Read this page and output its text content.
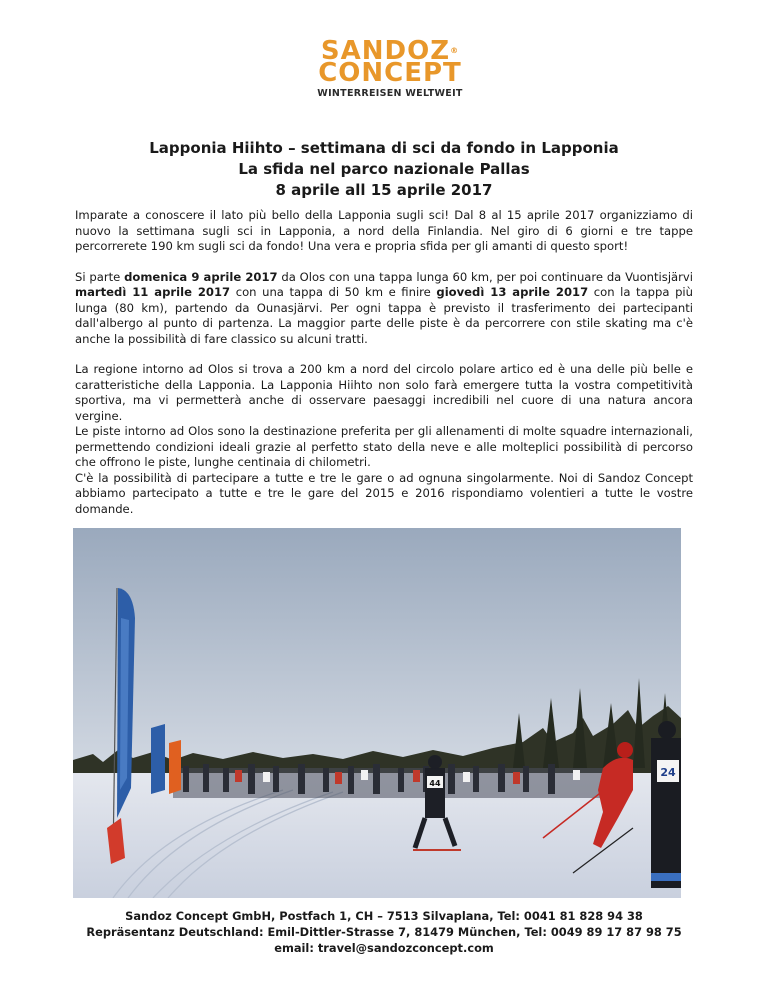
SANDOZ®
CONCEPT
WINTERREISEN WELTWEIT
Lapponia Hiihto – settimana di sci da fondo in Lapponia
La sfida nel parco nazionale Pallas
8 aprile all 15 aprile 2017

Imparate a conoscere il lato più bello della Lapponia sugli sci! Dal 8 al 15 aprile 2017 organizziamo di nuovo la settimana sugli sci in Lapponia, a nord della Finlandia. Nel giro di 6 giorni e tre tappe percorrerete 190 km sugli sci da fondo! Una vera e propria sfida per gli amanti di questo sport!

Si parte domenica 9 aprile 2017 da Olos con una tappa lunga 60 km, per poi continuare da Vuontisjärvi martedì 11 aprile 2017 con una tappa di 50 km e finire giovedì 13 aprile 2017 con la tappa più lunga (80 km), partendo da Ounasjärvi. Per ogni tappa è previsto il trasferimento dei partecipanti dall'albergo al punto di partenza. La maggior parte delle piste è da percorrere con stile skating ma c'è anche la possibilità di fare classico su alcuni tratti.

La regione intorno ad Olos si trova a 200 km a nord del circolo polare artico ed è una delle più belle e caratteristiche della Lapponia. La Lapponia Hiihto non solo farà emergere tutta la vostra competitività sportiva, ma vi permetterà anche di osservare paesaggi incredibili nel cuore di una natura ancora vergine.

Le piste intorno ad Olos sono la destinazione preferita per gli allenamenti di molte squadre internazionali, permettendo condizioni ideali grazie al perfetto stato della neve e alle molteplici possibilità di percorso che offrono le piste, lunghe centinaia di chilometri.

C'è la possibilità di partecipare a tutte e tre le gare o ad ognuna singolarmente. Noi di Sandoz Concept abbiamo partecipato a tutte e tre le gare del 2015 e 2016 rispondiamo volentieri a tutte le vostre domande.

44
24
Sandoz Concept GmbH, Postfach 1, CH – 7513 Silvaplana, Tel: 0041 81 828 94 38
Repräsentanz Deutschland: Emil-Dittler-Strasse 7, 81479 München, Tel: 0049 89 17 87 98 75
email: travel@sandozconcept.com
